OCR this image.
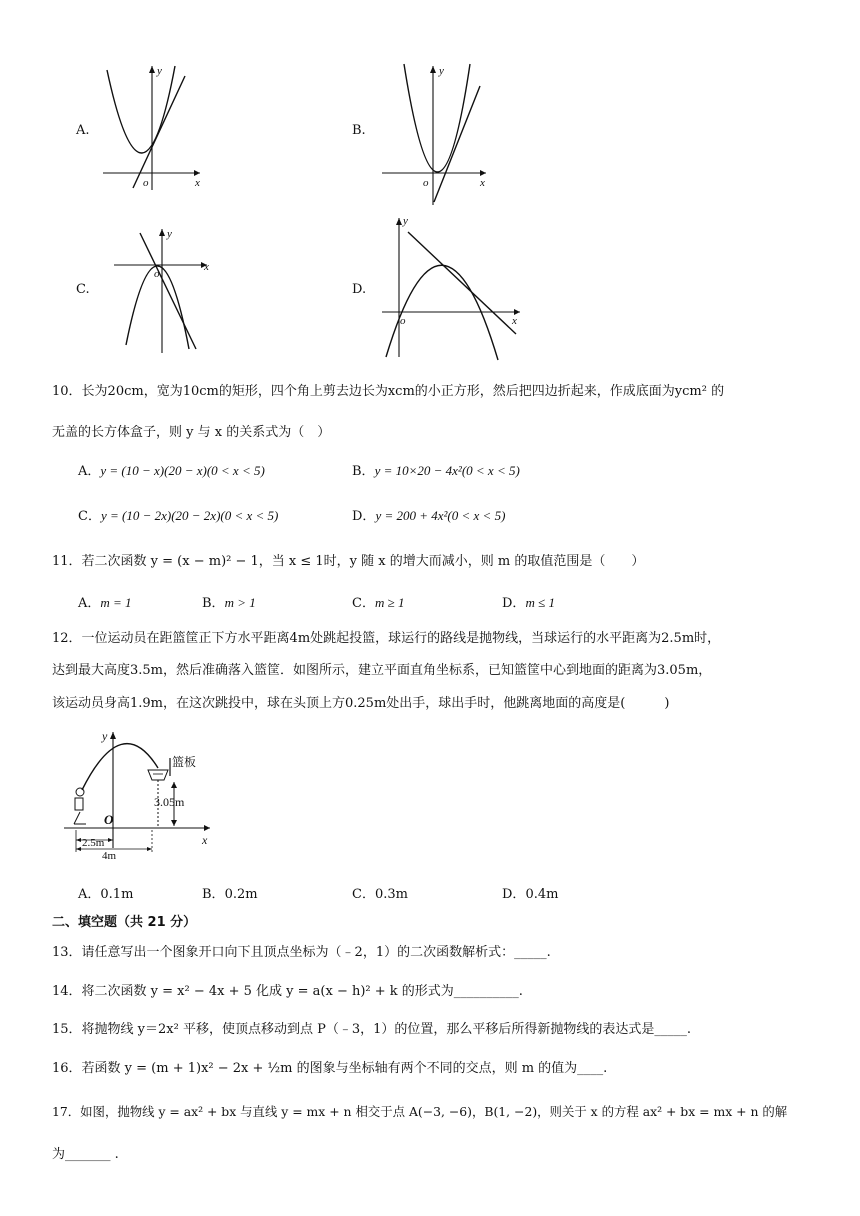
A.	B.
C.	D.
y
x
o
y
x
o
y
x
o
y
x
o
10．长为20cm，宽为10cm的矩形，四个角上剪去边长为xcm的小正方形，然后把四边折起来，作成底面为ycm² 的
无盖的长方体盒子，则 y 与 x 的关系式为（　）
A．y = (10 − x)(20 − x)(0 < x < 5)	B．y = 10×20 − 4x²(0 < x < 5)
C．y = (10 − 2x)(20 − 2x)(0 < x < 5)	D．y = 200 + 4x²(0 < x < 5)
11．若二次函数 y = (x − m)² − 1，当 x ≤ 1时，y 随 x 的增大而减小，则 m 的取值范围是（　　）
A．m = 1	B．m > 1	C．m ≥ 1	D．m ≤ 1
12．一位运动员在距篮筐正下方水平距离4m处跳起投篮，球运行的路线是抛物线，当球运行的水平距离为2.5m时，
达到最大高度3.5m，然后准确落入篮筐．如图所示，建立平面直角坐标系，已知篮筐中心到地面的距离为3.05m，
该运动员身高1.9m，在这次跳投中，球在头顶上方0.25m处出手，球出手时，他跳离地面的高度是(　　　)
篮板
3.05m
2.5m
4m
y
x
O
A．0.1m	B．0.2m	C．0.3m	D．0.4m
二、填空题（共 21 分）
13．请任意写出一个图象开口向下且顶点坐标为（﹣2，1）的二次函数解析式：_____.
14．将二次函数 y = x² − 4x + 5 化成 y = a(x − h)² + k 的形式为__________.
15．将抛物线 y＝2x² 平移，使顶点移动到点 P（﹣3，1）的位置，那么平移后所得新抛物线的表达式是_____.
16．若函数 y = (m + 1)x² − 2x + ½m 的图象与坐标轴有两个不同的交点，则 m 的值为____.
17．如图，抛物线 y = ax² + bx 与直线 y = mx + n 相交于点 A(−3, −6)，B(1, −2)，则关于 x 的方程 ax² + bx = mx + n 的解
为_______ .
